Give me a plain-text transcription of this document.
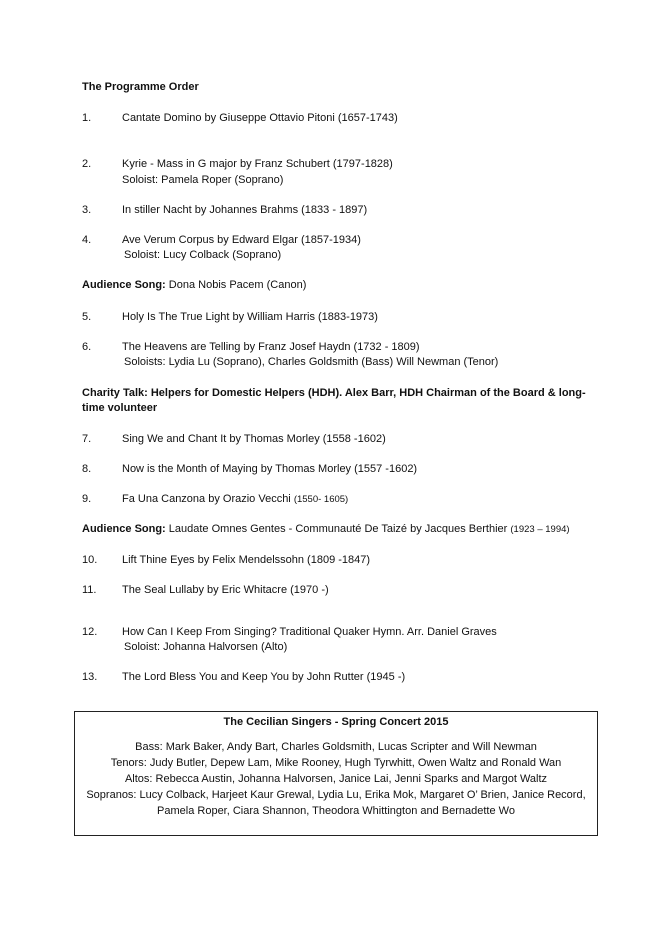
The Programme Order
1.	Cantate Domino by Giuseppe Ottavio Pitoni (1657-1743)
2.	Kyrie - Mass in G major by Franz Schubert (1797-1828)
Soloist: Pamela Roper (Soprano)
3.	In stiller Nacht by Johannes Brahms (1833 - 1897)
4.	Ave Verum Corpus by Edward Elgar (1857-1934)
Soloist: Lucy Colback (Soprano)
Audience Song: Dona Nobis Pacem (Canon)
5.	Holy Is The True Light by William Harris (1883-1973)
6.	The Heavens are Telling by Franz Josef Haydn (1732 - 1809)
Soloists: Lydia Lu (Soprano), Charles Goldsmith (Bass) Will Newman (Tenor)
Charity Talk: Helpers for Domestic Helpers (HDH). Alex Barr, HDH Chairman of the Board & long-
time volunteer
7.	Sing We and Chant It by Thomas Morley (1558 -1602)
8.	Now is the Month of Maying by Thomas Morley (1557 -1602)
9.	Fa Una Canzona by Orazio Vecchi (1550- 1605)
Audience Song: Laudate Omnes Gentes - Communauté De Taizé by Jacques Berthier (1923 – 1994)
10. Lift Thine Eyes by Felix Mendelssohn (1809 -1847)
11. The Seal Lullaby by Eric Whitacre (1970 -)
12. How Can I Keep From Singing? Traditional Quaker Hymn. Arr. Daniel Graves
Soloist: Johanna Halvorsen (Alto)
13. The Lord Bless You and Keep You by John Rutter (1945 -)
The Cecilian Singers - Spring Concert 2015
Bass: Mark Baker, Andy Bart, Charles Goldsmith, Lucas Scripter and Will Newman
Tenors: Judy Butler, Depew Lam, Mike Rooney, Hugh Tyrwhitt, Owen Waltz and Ronald Wan
Altos: Rebecca Austin, Johanna Halvorsen, Janice Lai, Jenni Sparks and Margot Waltz
Sopranos: Lucy Colback, Harjeet Kaur Grewal, Lydia Lu, Erika Mok, Margaret O’ Brien, Janice Record,
Pamela Roper, Ciara Shannon, Theodora Whittington and Bernadette Wo
